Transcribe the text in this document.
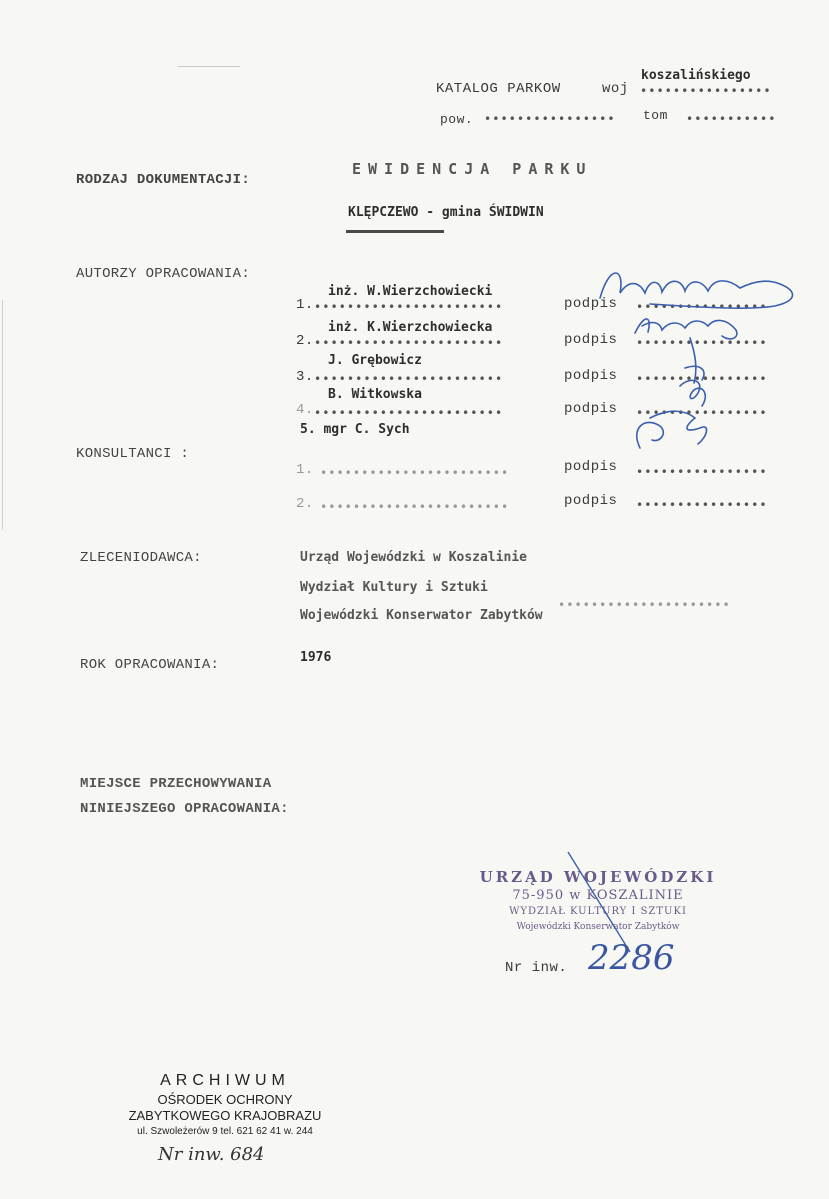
KATALOG PARKOW	woj
koszalińskiego
••••••••••••••••
pow. •••••••••••••••• tom •••••••••••
RODZAJ DOKUMENTACJI:
EWIDENCJA PARKU
KLĘPCZEWO - gmina ŚWIDWIN
AUTORZY OPRACOWANIA:
inż. W.Wierzchowiecki
1. •••••••••••••••••••••••	podpis ••••••••••••••••
inż. K.Wierzchowiecka
2. •••••••••••••••••••••••	podpis ••••••••••••••••
J. Grębowicz
3. •••••••••••••••••••••••	podpis ••••••••••••••••
B. Witkowska
4. •••••••••••••••••••••••	podpis ••••••••••••••••
5. mgr C. Sych
KONSULTANCI :
1. •••••••••••••••••••••••	podpis ••••••••••••••••
2. •••••••••••••••••••••••	podpis ••••••••••••••••
ZLECENIODAWCA:	Urząd Wojewódzki w Koszalinie
Wydział Kultury i Sztuki
•••••••••••••••••••••
Wojewódzki Konserwator Zabytków
ROK OPRACOWANIA:	1976
MIEJSCE PRZECHOWYWANIA
NINIEJSZEGO OPRACOWANIA:
URZĄD WOJEWÓDZKI
75-950 w KOSZALINIE
WYDZIAŁ KULTURY I SZTUKI
Wojewódzki Konserwator Zabytków
Nr inw. 2286
ARCHIWUM
OŚRODEK OCHRONY
ZABYTKOWEGO KRAJOBRAZU
ul. Szwoleżerów 9 tel. 621 62 41 w. 244
Nr inw. 684
